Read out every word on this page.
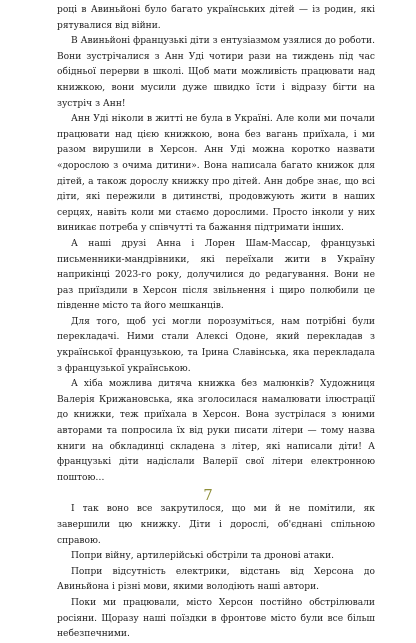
році в Авиньйоні було багато українських дітей — із родин, які рятувалися від війни.

В Авиньйоні французькі діти з ентузіазмом узялися до роботи. Вони зустрічалися з Анн Уді чотири рази на тиждень під час обідньої перерви в школі. Щоб мати можливість працювати над книжкою, вони мусили дуже швидко їсти і відразу бігти на зустріч з Анн!

Анн Уді ніколи в житті не була в Україні. Але коли ми почали працювати над цією книжкою, вона без вагань приїхала, і ми разом вирушили в Херсон. Анн Уді можна коротко назвати «дорослою з очима дитини». Вона написала багато книжок для дітей, а також дорослу книжку про дітей. Анн добре знає, що всі діти, які пережили в дитинстві, продовжують жити в наших серцях, навіть коли ми стаємо дорослими. Просто інколи у них виникає потреба у співчутті та бажання підтримати інших.

А наші друзі Анна і Лорен Шам-Массар, французькі письменники-мандрівники, які переїхали жити в Україну наприкінці 2023-го року, долучилися до редагування. Вони не раз приїздили в Херсон після звільнення і щиро полюбили це південне місто та його мешканців.

Для того, щоб усі могли порозуміться, нам потрібні були перекладачі. Ними стали Алексі Одоне, який перекладав з української французькою, та Ірина Славінська, яка перекладала з французької українською.

А хіба можлива дитяча книжка без малюнків? Художниця Валерія Крижановська, яка зголосилася намалювати ілюстрації до книжки, теж приїхала в Херсон. Вона зустрілася з юними авторами та попросила їх від руки писати літери — тому назва книги на обкладинці складена з літер, які написали діти! А французькі діти надіслали Валерії свої літери електронною поштою…

І так воно все закрутилося, що ми й не помітили, як завершили цю книжку. Діти і дорослі, об'єднані спільною справою.

Попри війну, артилерійські обстріли та дронові атаки.

Попри відсутність електрики, відстань від Херсона до Авиньйона і різні мови, якими володіють наші автори.

Поки ми працювали, місто Херсон постійно обстрілювали росіяни. Щоразу наші поїздки в фронтове місто були все більш небезпечними.

7
